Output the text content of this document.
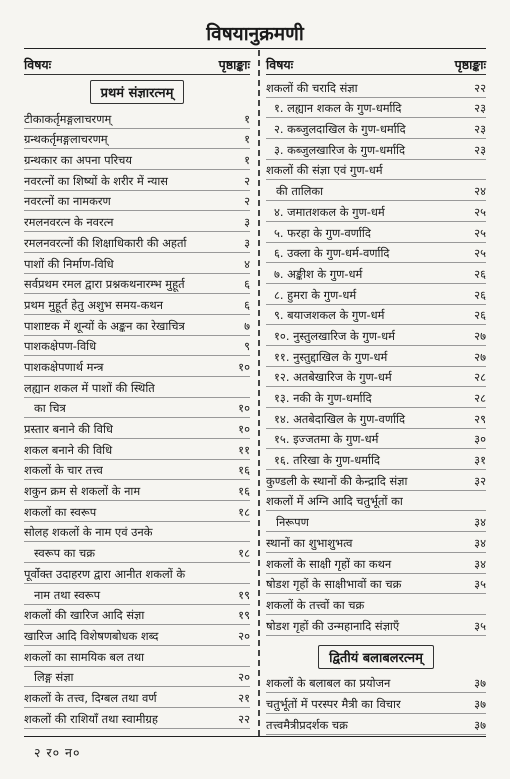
विषयानुक्रमणी
विषयः	पृष्ठाङ्काः
प्रथमं संज्ञारत्नम्
टीकाकर्तृमङ्गलाचरणम्	१
ग्रन्थकर्तृमङ्गलाचरणम्	१
ग्रन्थकार का अपना परिचय	१
नवरत्नों का शिष्यों के शरीर में न्यास	२
नवरत्नों का नामकरण	२
रमलनवरत्न के नवरत्न	३
रमलनवरत्नों की शिक्षाधिकारी की अहर्ता	३
पाशों की निर्माण-विधि	४
सर्वप्रथम रमल द्वारा प्रश्नकथनारम्भ मुहूर्त	६
प्रथम मुहूर्त हेतु अशुभ समय-कथन	६
पाशाष्टक में शून्यों के अङ्कन का रेखाचित्र	७
पाशकक्षेपण-विधि	९
पाशकक्षेपणार्थ मन्त्र	१०
लह्यान शकल में पाशों की स्थिति
का चित्र	१०
प्रस्तार बनाने की विधि	१०
शकल बनाने की विधि	११
शकलों के चार तत्त्व	१६
शकुन क्रम से शकलों के नाम	१६
शकलों का स्वरूप	१८
सोलह शकलों के नाम एवं उनके
स्वरूप का चक्र	१८
पूर्वोक्त उदाहरण द्वारा आनीत शकलों के
नाम तथा स्वरूप	१९
शकलों की खारिज आदि संज्ञा	१९
खारिज आदि विशेषणबोधक शब्द	२०
शकलों का सामयिक बल तथा
लिङ्ग संज्ञा	२०
शकलों के तत्त्व, दिग्बल तथा वर्ण	२१
शकलों की राशियाँ तथा स्वामीग्रह	२२
विषयः	पृष्ठाङ्काः
शकलों की चरादि संज्ञा	२२
१. लह्यान शकल के गुण-धर्मादि	२३
२. कब्जुलदाखिल के गुण-धर्मादि	२३
३. कब्जुलखारिज के गुण-धर्मादि	२३
शकलों की संज्ञा एवं गुण-धर्म
की तालिका	२४
४. जमातशकल के गुण-धर्म	२५
५. फरहा के गुण-वर्णादि	२५
६. उक्ला के गुण-धर्म-वर्णादि	२५
७. अङ्कीश के गुण-धर्म	२६
८. हुमरा के गुण-धर्म	२६
९. बयाजशकल के गुण-धर्म	२६
१०. नुस्तुलखारिज के गुण-धर्म	२७
११. नुस्तुद्दाखिल के गुण-धर्म	२७
१२. अतबेखारिज के गुण-धर्म	२८
१३. नकी के गुण-धर्मादि	२८
१४. अतबेदाखिल के गुण-वर्णादि	२९
१५. इज्जतमा के गुण-धर्म	३०
१६. तरिखा के गुण-धर्मादि	३१
कुण्डली के स्थानों की केन्द्रादि संज्ञा	३२
शकलों में अग्नि आदि चतुर्भूतों का
निरूपण	३४
स्थानों का शुभाशुभत्व	३४
शकलों के साक्षी गृहों का कथन	३४
षोडश गृहों के साक्षीभावों का चक्र	३५
शकलों के तत्त्वों का चक्र
षोडश गृहों की उन्महानादि संज्ञाएँ	३५
द्वितीयं बलाबलरत्नम्
शकलों के बलाबल का प्रयोजन	३७
चतुर्भूतों में परस्पर मैत्री का विचार	३७
तत्त्वमैत्रीप्रदर्शक चक्र	३७
२ र० न०
